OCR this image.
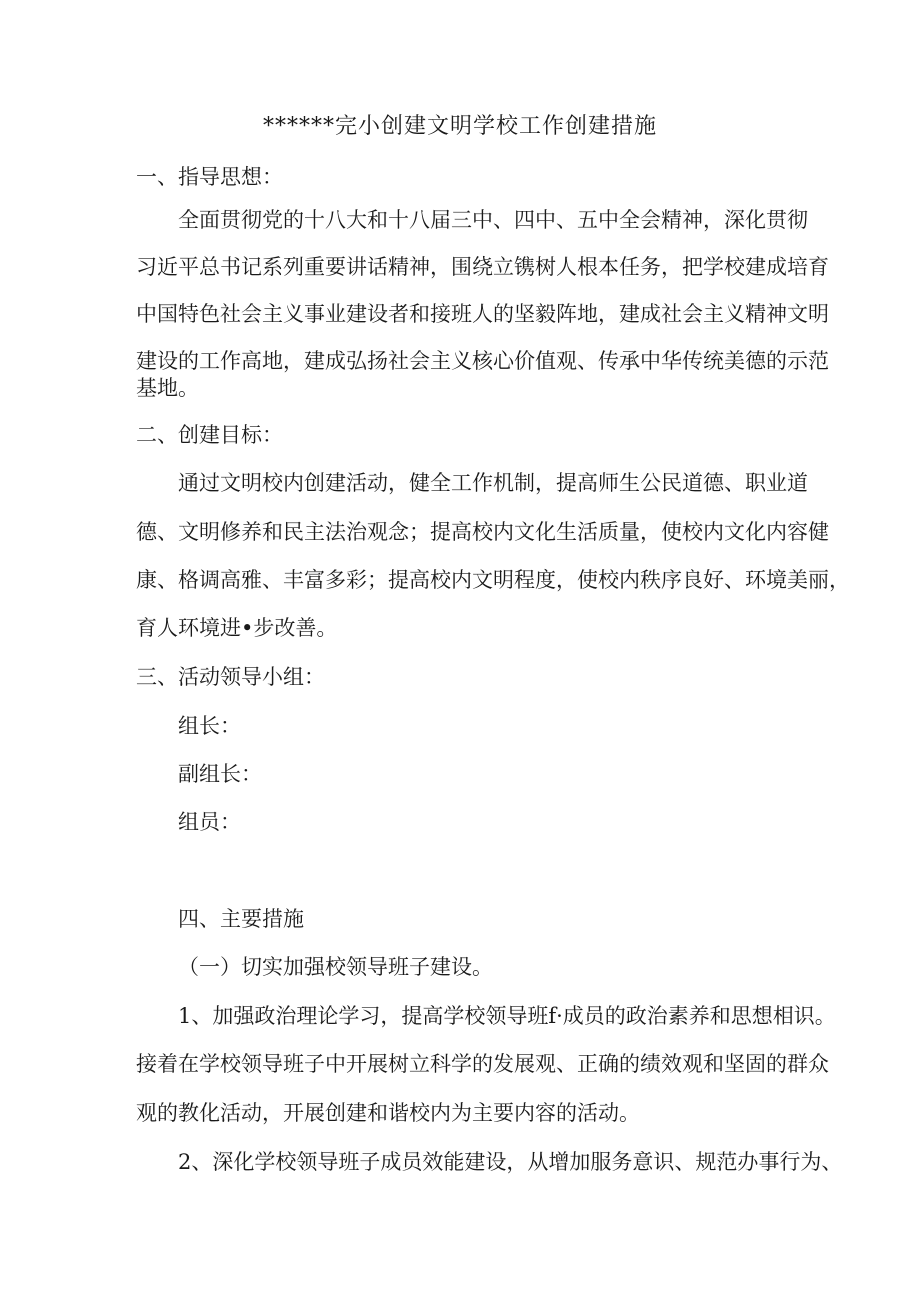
******完小创建文明学校工作创建措施
一、指导思想：
全面贯彻党的十八大和十八届三中、四中、五中全会精神，深化贯彻
习近平总书记系列重要讲话精神，围绕立镌树人根本任务，把学校建成培育
中国特色社会主义事业建设者和接班人的坚毅阵地，建成社会主义精神文明
建设的工作高地，建成弘扬社会主义核心价值观、传承中华传统美德的示范
基地。
二、创建目标：
通过文明校内创建活动，健全工作机制，提高师生公民道德、职业道
德、文明修养和民主法治观念；提高校内文化生活质量，使校内文化内容健
康、格调高雅、丰富多彩；提高校内文明程度，使校内秩序良好、环境美丽，
育人环境进•步改善。
三、活动领导小组：
组长：
副组长：
组员：
四、主要措施
（一）切实加强校领导班子建设。
1、加强政治理论学习，提高学校领导班f·成员的政治素养和思想相识。
接着在学校领导班子中开展树立科学的发展观、正确的绩效观和坚固的群众
观的教化活动，开展创建和谐校内为主要内容的活动。
2、深化学校领导班子成员效能建设，从增加服务意识、规范办事行为、
